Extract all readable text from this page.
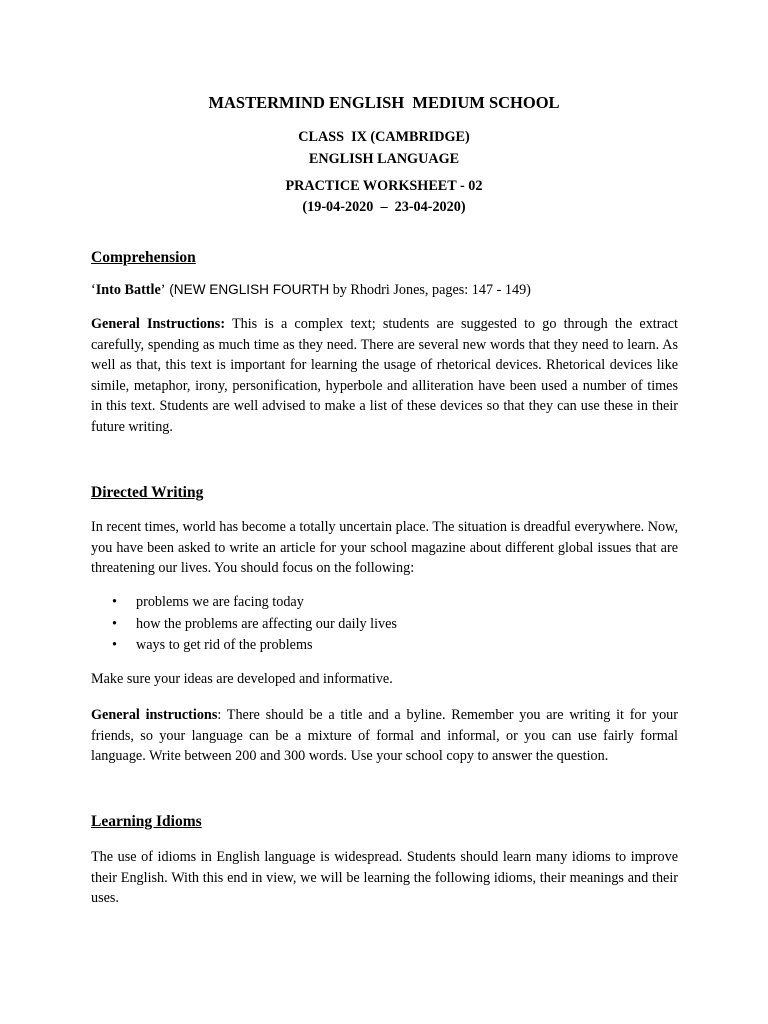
MASTERMIND ENGLISH  MEDIUM SCHOOL
CLASS  IX (CAMBRIDGE)
ENGLISH LANGUAGE
PRACTICE WORKSHEET - 02
(19-04-2020  –  23-04-2020)
Comprehension
‘Into Battle’ (NEW ENGLISH FOURTH by Rhodri Jones, pages: 147 - 149)

General Instructions: This is a complex text; students are suggested to go through the extract carefully, spending as much time as they need. There are several new words that they need to learn. As well as that, this text is important for learning the usage of rhetorical devices. Rhetorical devices like simile, metaphor, irony, personification, hyperbole and alliteration have been used a number of times in this text. Students are well advised to make a list of these devices so that they can use these in their future writing.

Directed Writing

In recent times, world has become a totally uncertain place. The situation is dreadful everywhere. Now, you have been asked to write an article for your school magazine about different global issues that are threatening our lives. You should focus on the following:

• problems we are facing today
• how the problems are affecting our daily lives
• ways to get rid of the problems
Make sure your ideas are developed and informative.

General instructions: There should be a title and a byline. Remember you are writing it for your friends, so your language can be a mixture of formal and informal, or you can use fairly formal language. Write between 200 and 300 words. Use your school copy to answer the question.

Learning Idioms

The use of idioms in English language is widespread. Students should learn many idioms to improve their English. With this end in view, we will be learning the following idioms, their meanings and their uses.
